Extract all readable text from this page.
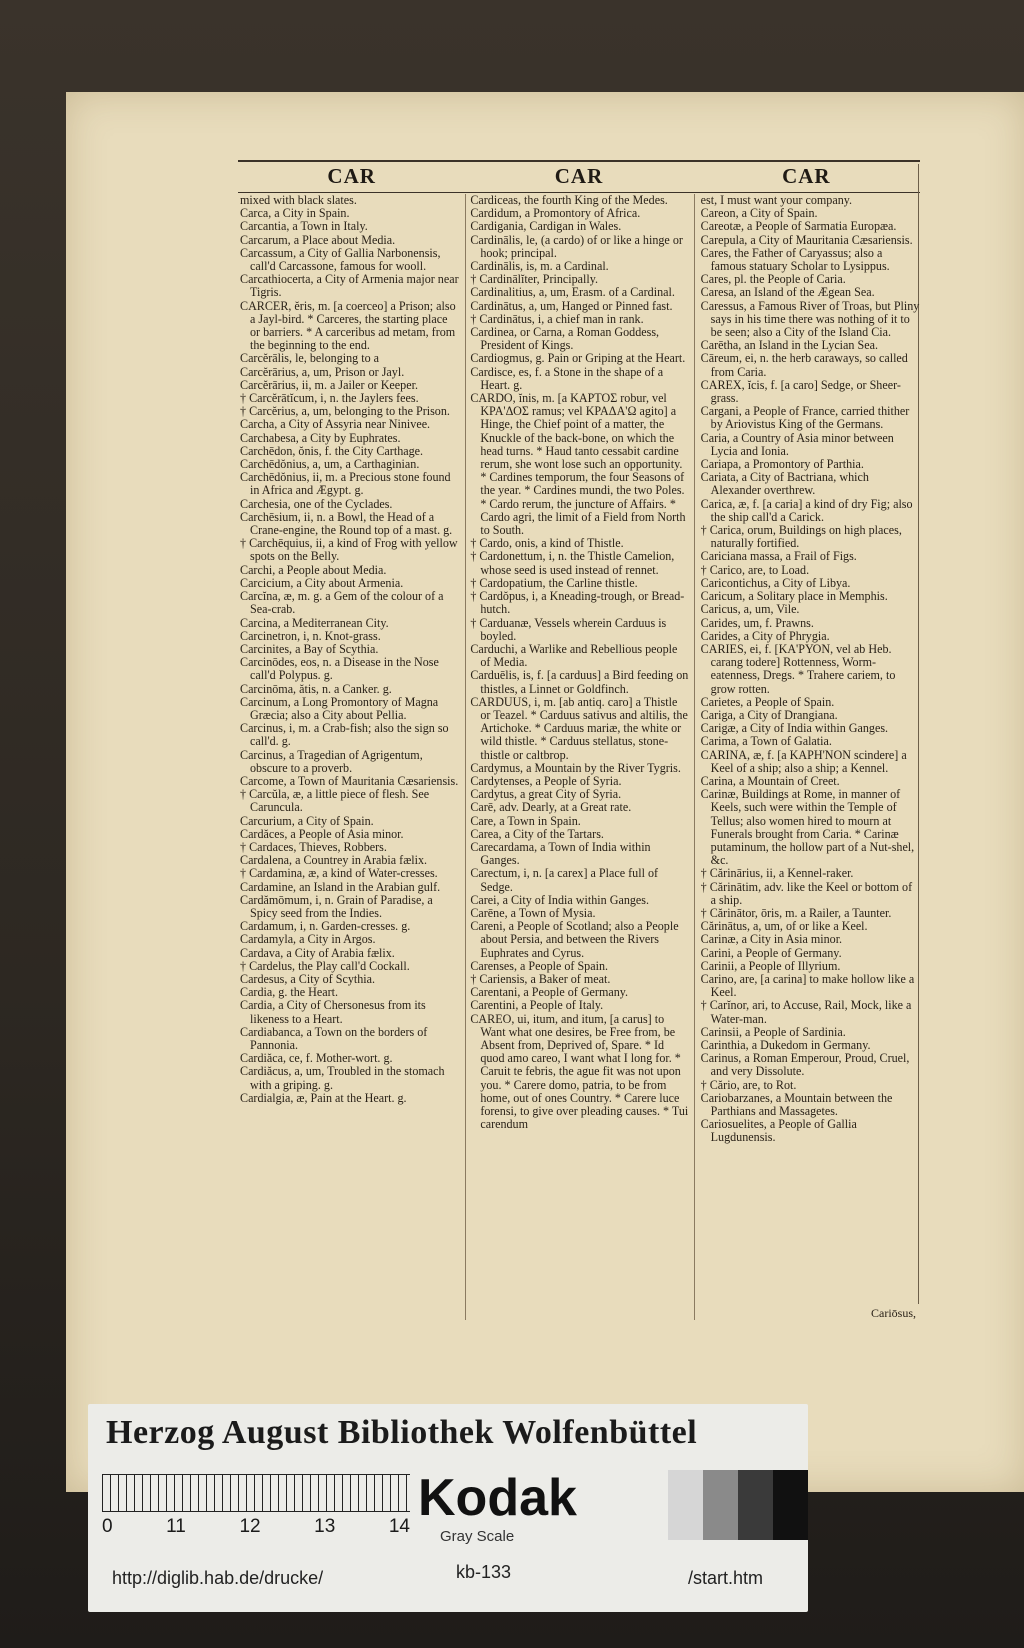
CAR	CAR	CAR

mixed with black slates.

Carca, a City in Spain.

Carcantia, a Town in Italy.

Carcarum, a Place about Media.

Carcassum, a City of Gallia Narbonensis, call'd Carcassone, famous for wooll.

Carcathiocerta, a City of Armenia major near Tigris.

CARCER, ĕris, m. [a coerceo] a Prison; also a Jayl-bird. * Carceres, the starting place or barriers. * A carceribus ad metam, from the beginning to the end.

Carcĕrālis, le, belonging to a

Carcĕrārius, a, um, Prison or Jayl.

Carcĕrārius, ii, m. a Jailer or Keeper.

† Carcĕrātĭcum, i, n. the Jaylers fees.

† Carcĕrius, a, um, belonging to the Prison.

Carcha, a City of Assyria near Ninivee.

Carchabesa, a City by Euphrates.

Carchēdon, ŏnis, f. the City Carthage.

Carchēdŏnius, a, um, a Carthaginian.

Carchēdŏnius, ii, m. a Precious stone found in Africa and Ægypt. g.

Carchesia, one of the Cyclades.

Carchēsium, ii, n. a Bowl, the Head of a Crane-engine, the Round top of a mast. g.

† Carchēquius, ii, a kind of Frog with yellow spots on the Belly.

Carchi, a People about Media.

Carcicium, a City about Armenia.

Carcĭna, æ, m. g. a Gem of the colour of a Sea-crab.

Carcina, a Mediterranean City.

Carcinetron, i, n. Knot-grass.

Carcinites, a Bay of Scythia.

Carcinōdes, eos, n. a Disease in the Nose call'd Polypus. g.

Carcinōma, ătis, n. a Canker. g.

Carcinum, a Long Promontory of Magna Græcia; also a City about Pellia.

Carcinus, i, m. a Crab-fish; also the sign so call'd. g.

Carcinus, a Tragedian of Agrigentum, obscure to a proverb.

Carcome, a Town of Mauritania Cæsariensis.

† Carcŭla, æ, a little piece of flesh. See Caruncula.

Carcurium, a City of Spain.

Cardăces, a People of Asia minor.

† Cardaces, Thieves, Robbers.

Cardalena, a Countrey in Arabia fælix.

† Cardamina, æ, a kind of Water-cresses.

Cardamine, an Island in the Arabian gulf.

Cardămōmum, i, n. Grain of Paradise, a Spicy seed from the Indies.

Cardamum, i, n. Garden-cresses. g.

Cardamyla, a City in Argos.

Cardava, a City of Arabia fælix.

† Cardelus, the Play call'd Cockall.

Cardesus, a City of Scythia.

Cardia, g. the Heart.

Cardia, a City of Chersonesus from its likeness to a Heart.

Cardiabanca, a Town on the borders of Pannonia.

Cardiăca, ce, f. Mother-wort. g.

Cardiăcus, a, um, Troubled in the stomach with a griping. g.

Cardialgia, æ, Pain at the Heart. g.

Cardiceas, the fourth King of the Medes.

Cardidum, a Promontory of Africa.

Cardigania, Cardigan in Wales.

Cardinālis, le, (a cardo) of or like a hinge or hook; principal.

Cardinālis, is, m. a Cardinal.

† Cardinālĭter, Principally.

Cardinalitius, a, um, Erasm. of a Cardinal.

Cardinātus, a, um, Hanged or Pinned fast.

† Cardinātus, i, a chief man in rank.

Cardinea, or Carna, a Roman Goddess, President of Kings.

Cardiogmus, g. Pain or Griping at the Heart.

Cardisce, es, f. a Stone in the shape of a Heart. g.

CARDO, ĭnis, m. [a ΚΑΡΤΟΣ robur, vel ΚΡΑ'ΔΟΣ ramus; vel ΚΡΑΔΑ'Ω agito] a Hinge, the Chief point of a matter, the Knuckle of the back-bone, on which the head turns. * Haud tanto cessabit cardine rerum, she wont lose such an opportunity. * Cardines temporum, the four Seasons of the year. * Cardines mundi, the two Poles. * Cardo rerum, the juncture of Affairs. * Cardo agri, the limit of a Field from North to South.

† Cardo, onis, a kind of Thistle.

† Cardonettum, i, n. the Thistle Camelion, whose seed is used instead of rennet.

† Cardopatium, the Carline thistle.

† Cardŏpus, i, a Kneading-trough, or Bread-hutch.

† Carduanæ, Vessels wherein Carduus is boyled.

Carduchi, a Warlike and Rebellious people of Media.

Carduēlis, is, f. [a carduus] a Bird feeding on thistles, a Linnet or Goldfinch.

CARDUUS, i, m. [ab antiq. caro] a Thistle or Teazel. * Carduus sativus and altilis, the Artichoke. * Carduus mariæ, the white or wild thistle. * Carduus stellatus, stone-thistle or caltbrop.

Cardymus, a Mountain by the River Tygris.

Cardytenses, a People of Syria.

Cardytus, a great City of Syria.

Carē, adv. Dearly, at a Great rate.

Care, a Town in Spain.

Carea, a City of the Tartars.

Carecardama, a Town of India within Ganges.

Carectum, i, n. [a carex] a Place full of Sedge.

Carei, a City of India within Ganges.

Carēne, a Town of Mysia.

Careni, a People of Scotland; also a People about Persia, and between the Rivers Euphrates and Cyrus.

Carenses, a People of Spain.

† Cariensis, a Baker of meat.

Carentani, a People of Germany.

Carentini, a People of Italy.

CAREO, ui, itum, and itum, [a carus] to Want what one desires, be Free from, be Absent from, Deprived of, Spare. * Id quod amo careo, I want what I long for. * Caruit te febris, the ague fit was not upon you. * Carere domo, patria, to be from home, out of ones Country. * Carere luce forensi, to give over pleading causes. * Tui carendum

est, I must want your company.

Careon, a City of Spain.

Careotæ, a People of Sarmatia Europæa.

Carepula, a City of Mauritania Cæsariensis.

Cares, the Father of Caryassus; also a famous statuary Scholar to Lysippus.

Cares, pl. the People of Caria.

Caresa, an Island of the Ægean Sea.

Caressus, a Famous River of Troas, but Pliny says in his time there was nothing of it to be seen; also a City of the Island Cia.

Carētha, an Island in the Lycian Sea.

Cāreum, ei, n. the herb caraways, so called from Caria.

CAREX, ĭcis, f. [a caro] Sedge, or Sheer-grass.

Cargani, a People of France, carried thither by Ariovistus King of the Germans.

Caria, a Country of Asia minor between Lycia and Ionia.

Cariapa, a Promontory of Parthia.

Cariata, a City of Bactriana, which Alexander overthrew.

Carica, æ, f. [a caria] a kind of dry Fig; also the ship call'd a Carick.

† Carica, orum, Buildings on high places, naturally fortified.

Cariciana massa, a Frail of Figs.

† Carico, are, to Load.

Caricontichus, a City of Libya.

Caricum, a Solitary place in Memphis.

Caricus, a, um, Vile.

Carides, um, f. Prawns.

Carides, a City of Phrygia.

CARIES, ei, f. [ΚΑ'ΡΥΟΝ, vel ab Heb. carang todere] Rottenness, Worm-eatenness, Dregs. * Trahere cariem, to grow rotten.

Carietes, a People of Spain.

Cariga, a City of Drangiana.

Carigæ, a City of India within Ganges.

Carima, a Town of Galatia.

CARINA, æ, f. [a ΚΑΡΗ'ΝΟΝ scindere] a Keel of a ship; also a ship; a Kennel.

Carina, a Mountain of Creet.

Carinæ, Buildings at Rome, in manner of Keels, such were within the Temple of Tellus; also women hired to mourn at Funerals brought from Caria. * Carinæ putaminum, the hollow part of a Nut-shel, &c.

† Cărinārius, ii, a Kennel-raker.

† Cărinātim, adv. like the Keel or bottom of a ship.

† Cărinātor, ōris, m. a Railer, a Taunter.

Cărinātus, a, um, of or like a Keel.

Carinæ, a City in Asia minor.

Carini, a People of Germany.

Carinii, a People of Illyrium.

Carino, are, [a carina] to make hollow like a Keel.

† Carĭnor, ari, to Accuse, Rail, Mock, like a Water-man.

Carinsii, a People of Sardinia.

Carinthia, a Dukedom in Germany.

Carinus, a Roman Emperour, Proud, Cruel, and very Dissolute.

† Cărio, are, to Rot.

Cariobarzanes, a Mountain between the Parthians and Massagetes.

Cariosuelites, a People of Gallia Lugdunensis.

Cariōsus,
Herzog August Bibliothek Wolfenbüttel
0	11	12	13	14 Kodak
Gray Scale
kb-133
http://diglib.hab.de/drucke/	/start.htm
